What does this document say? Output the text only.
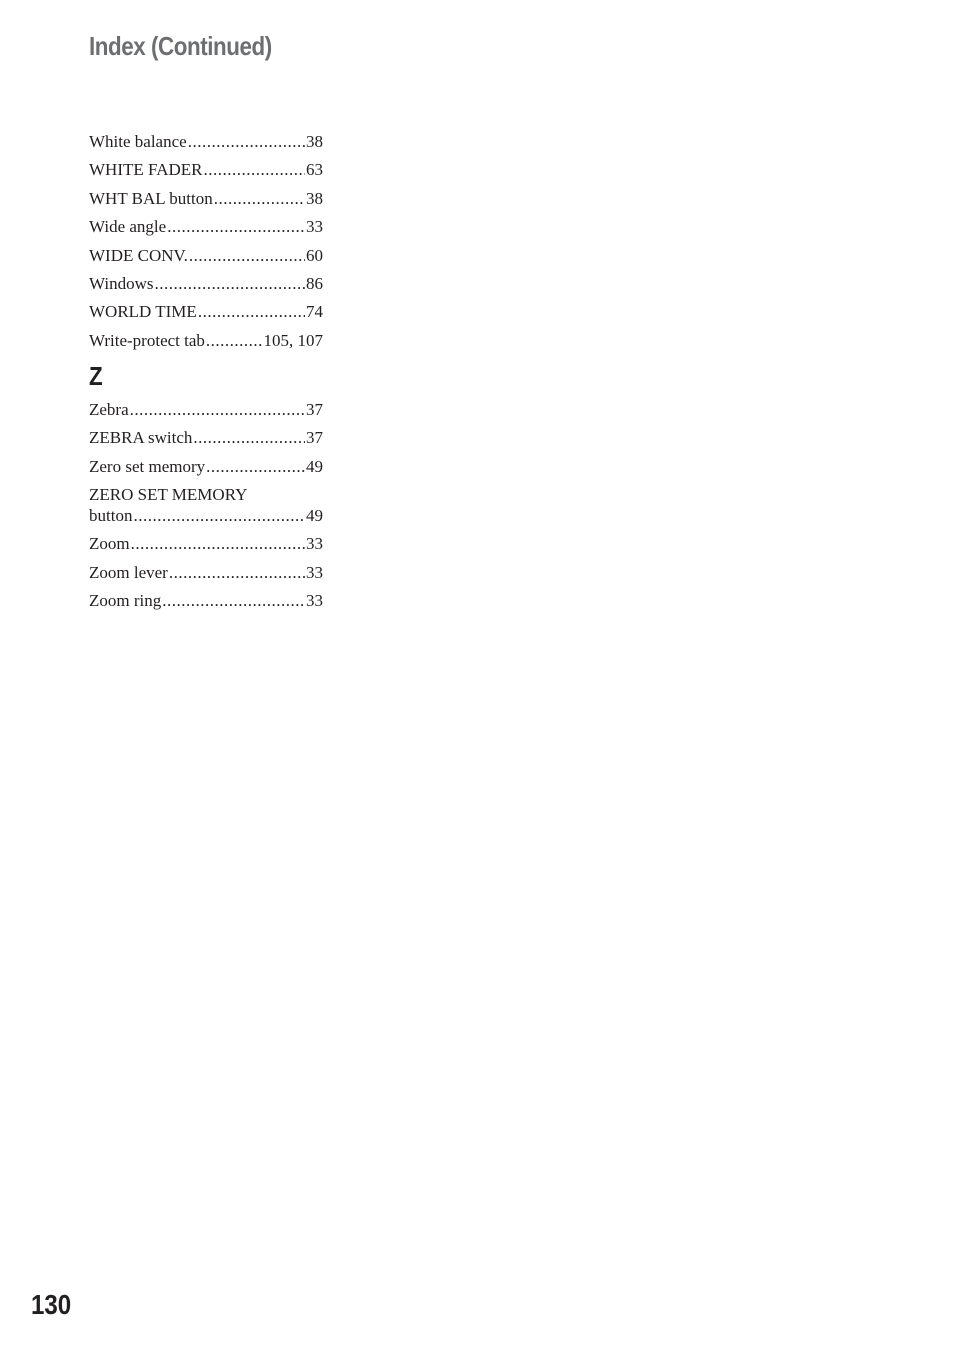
Index (Continued)
White balance .....	38
WHITE FADER .....	63
WHT BAL button .....	38
Wide angle .....	33
WIDE CONV. .....	60
Windows .....	86
WORLD TIME .....	74
Write-protect tab .....	105, 107
Z
Zebra .....	37
ZEBRA switch .....	37
Zero set memory .....	49
ZERO SET MEMORY
button .....	49
Zoom .....	33
Zoom lever .....	33
Zoom ring .....	33
130
